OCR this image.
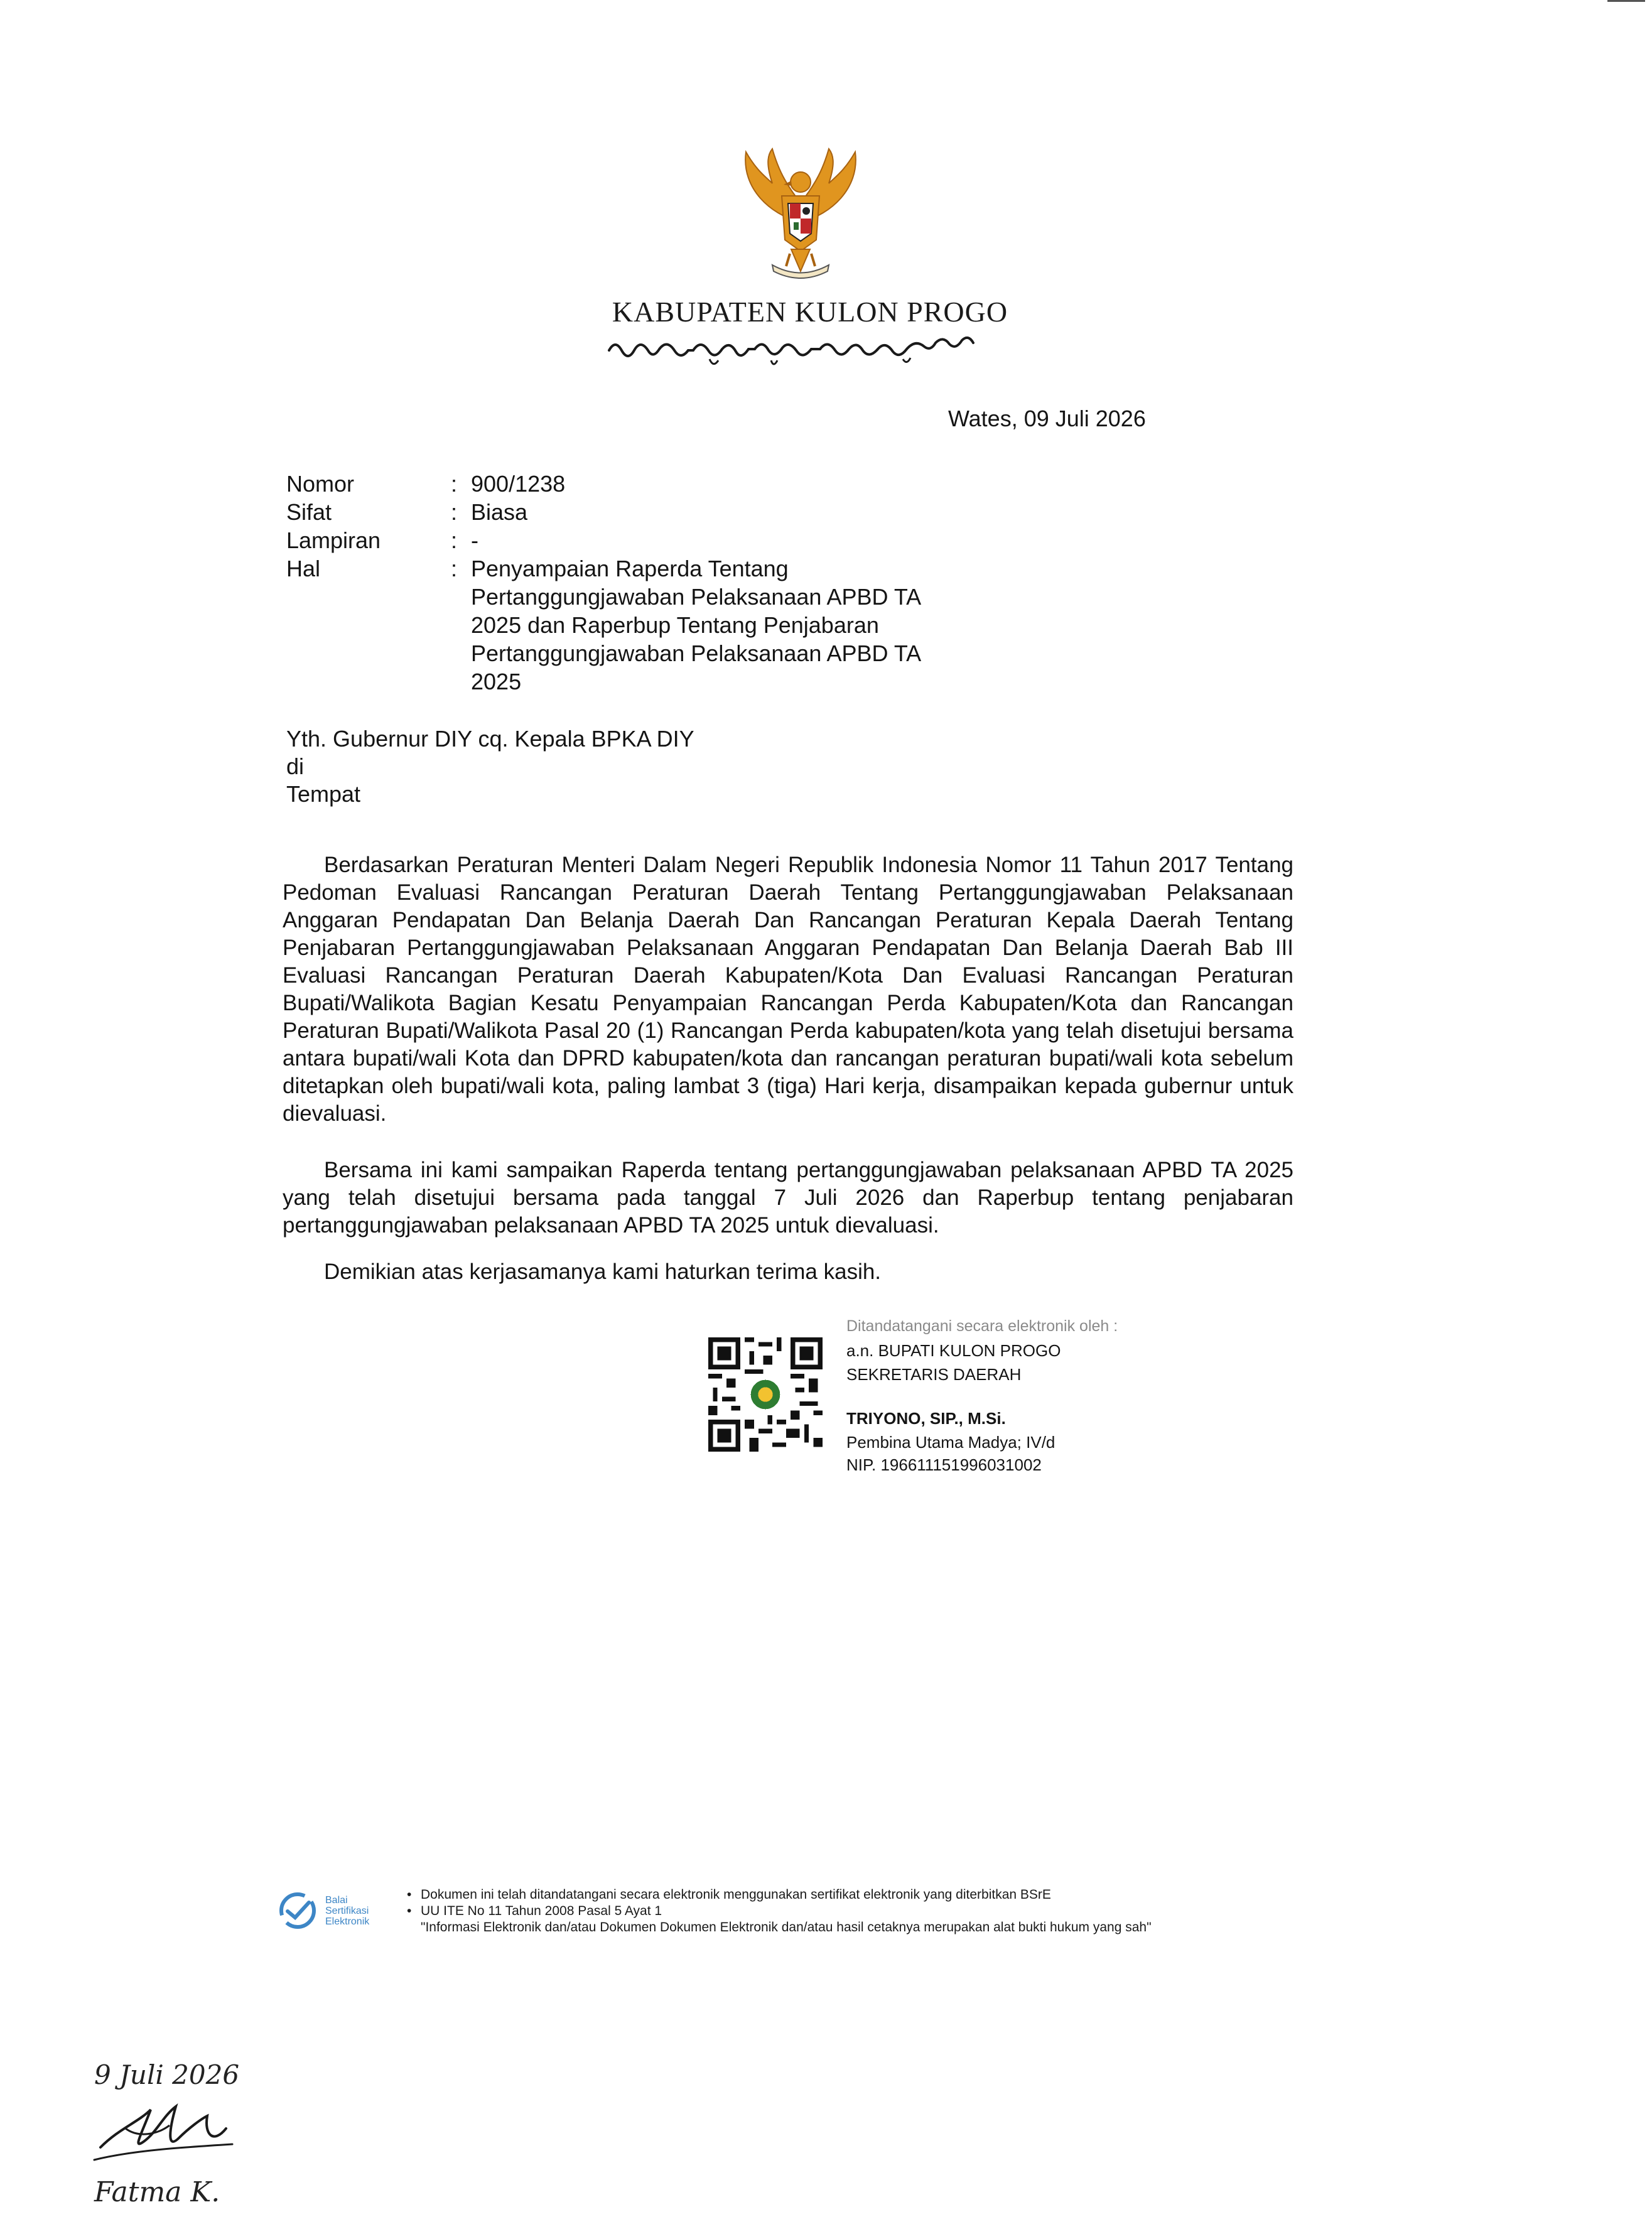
KABUPATEN KULON PROGO
Wates, 09 Juli 2026
Nomor	: 900/1238
Sifat	: Biasa
Lampiran	: -
Hal	: Penyampaian Raperda Tentang
Pertanggungjawaban Pelaksanaan APBD TA
2025 dan Raperbup Tentang Penjabaran
Pertanggungjawaban Pelaksanaan APBD TA
2025
Yth. Gubernur DIY cq. Kepala BPKA DIY
di
Tempat
Berdasarkan Peraturan Menteri Dalam Negeri Republik Indonesia Nomor 11 Tahun 2017 Tentang Pedoman Evaluasi Rancangan Peraturan Daerah Tentang Pertanggungjawaban Pelaksanaan Anggaran Pendapatan Dan Belanja Daerah Dan Rancangan Peraturan Kepala Daerah Tentang Penjabaran Pertanggungjawaban Pelaksanaan Anggaran Pendapatan Dan Belanja Daerah Bab III Evaluasi Rancangan Peraturan Daerah Kabupaten/Kota Dan Evaluasi Rancangan Peraturan Bupati/Walikota Bagian Kesatu Penyampaian Rancangan Perda Kabupaten/Kota dan Rancangan Peraturan Bupati/Walikota Pasal 20 (1) Rancangan Perda kabupaten/kota yang telah disetujui bersama antara bupati/wali Kota dan DPRD kabupaten/kota dan rancangan peraturan bupati/wali kota sebelum ditetapkan oleh bupati/wali kota, paling lambat 3 (tiga) Hari kerja, disampaikan kepada gubernur untuk dievaluasi.
Bersama ini kami sampaikan Raperda tentang pertanggungjawaban pelaksanaan APBD TA 2025 yang telah disetujui bersama pada tanggal 7 Juli 2026 dan Raperbup tentang penjabaran pertanggungjawaban pelaksanaan APBD TA 2025 untuk dievaluasi.
Demikian atas kerjasamanya kami haturkan terima kasih.
Ditandatangani secara elektronik oleh :
a.n. BUPATI KULON PROGO
SEKRETARIS DAERAH
TRIYONO, SIP., M.Si.
Pembina Utama Madya; IV/d
NIP. 196611151996031002
Balai
Sertifikasi
Elektronik
• Dokumen ini telah ditandatangani secara elektronik menggunakan sertifikat elektronik yang diterbitkan BSrE
• UU ITE No 11 Tahun 2008 Pasal 5 Ayat 1
"Informasi Elektronik dan/atau Dokumen Dokumen Elektronik dan/atau hasil cetaknya merupakan alat bukti hukum yang sah"
9 Juli 2026
Fatma K.
